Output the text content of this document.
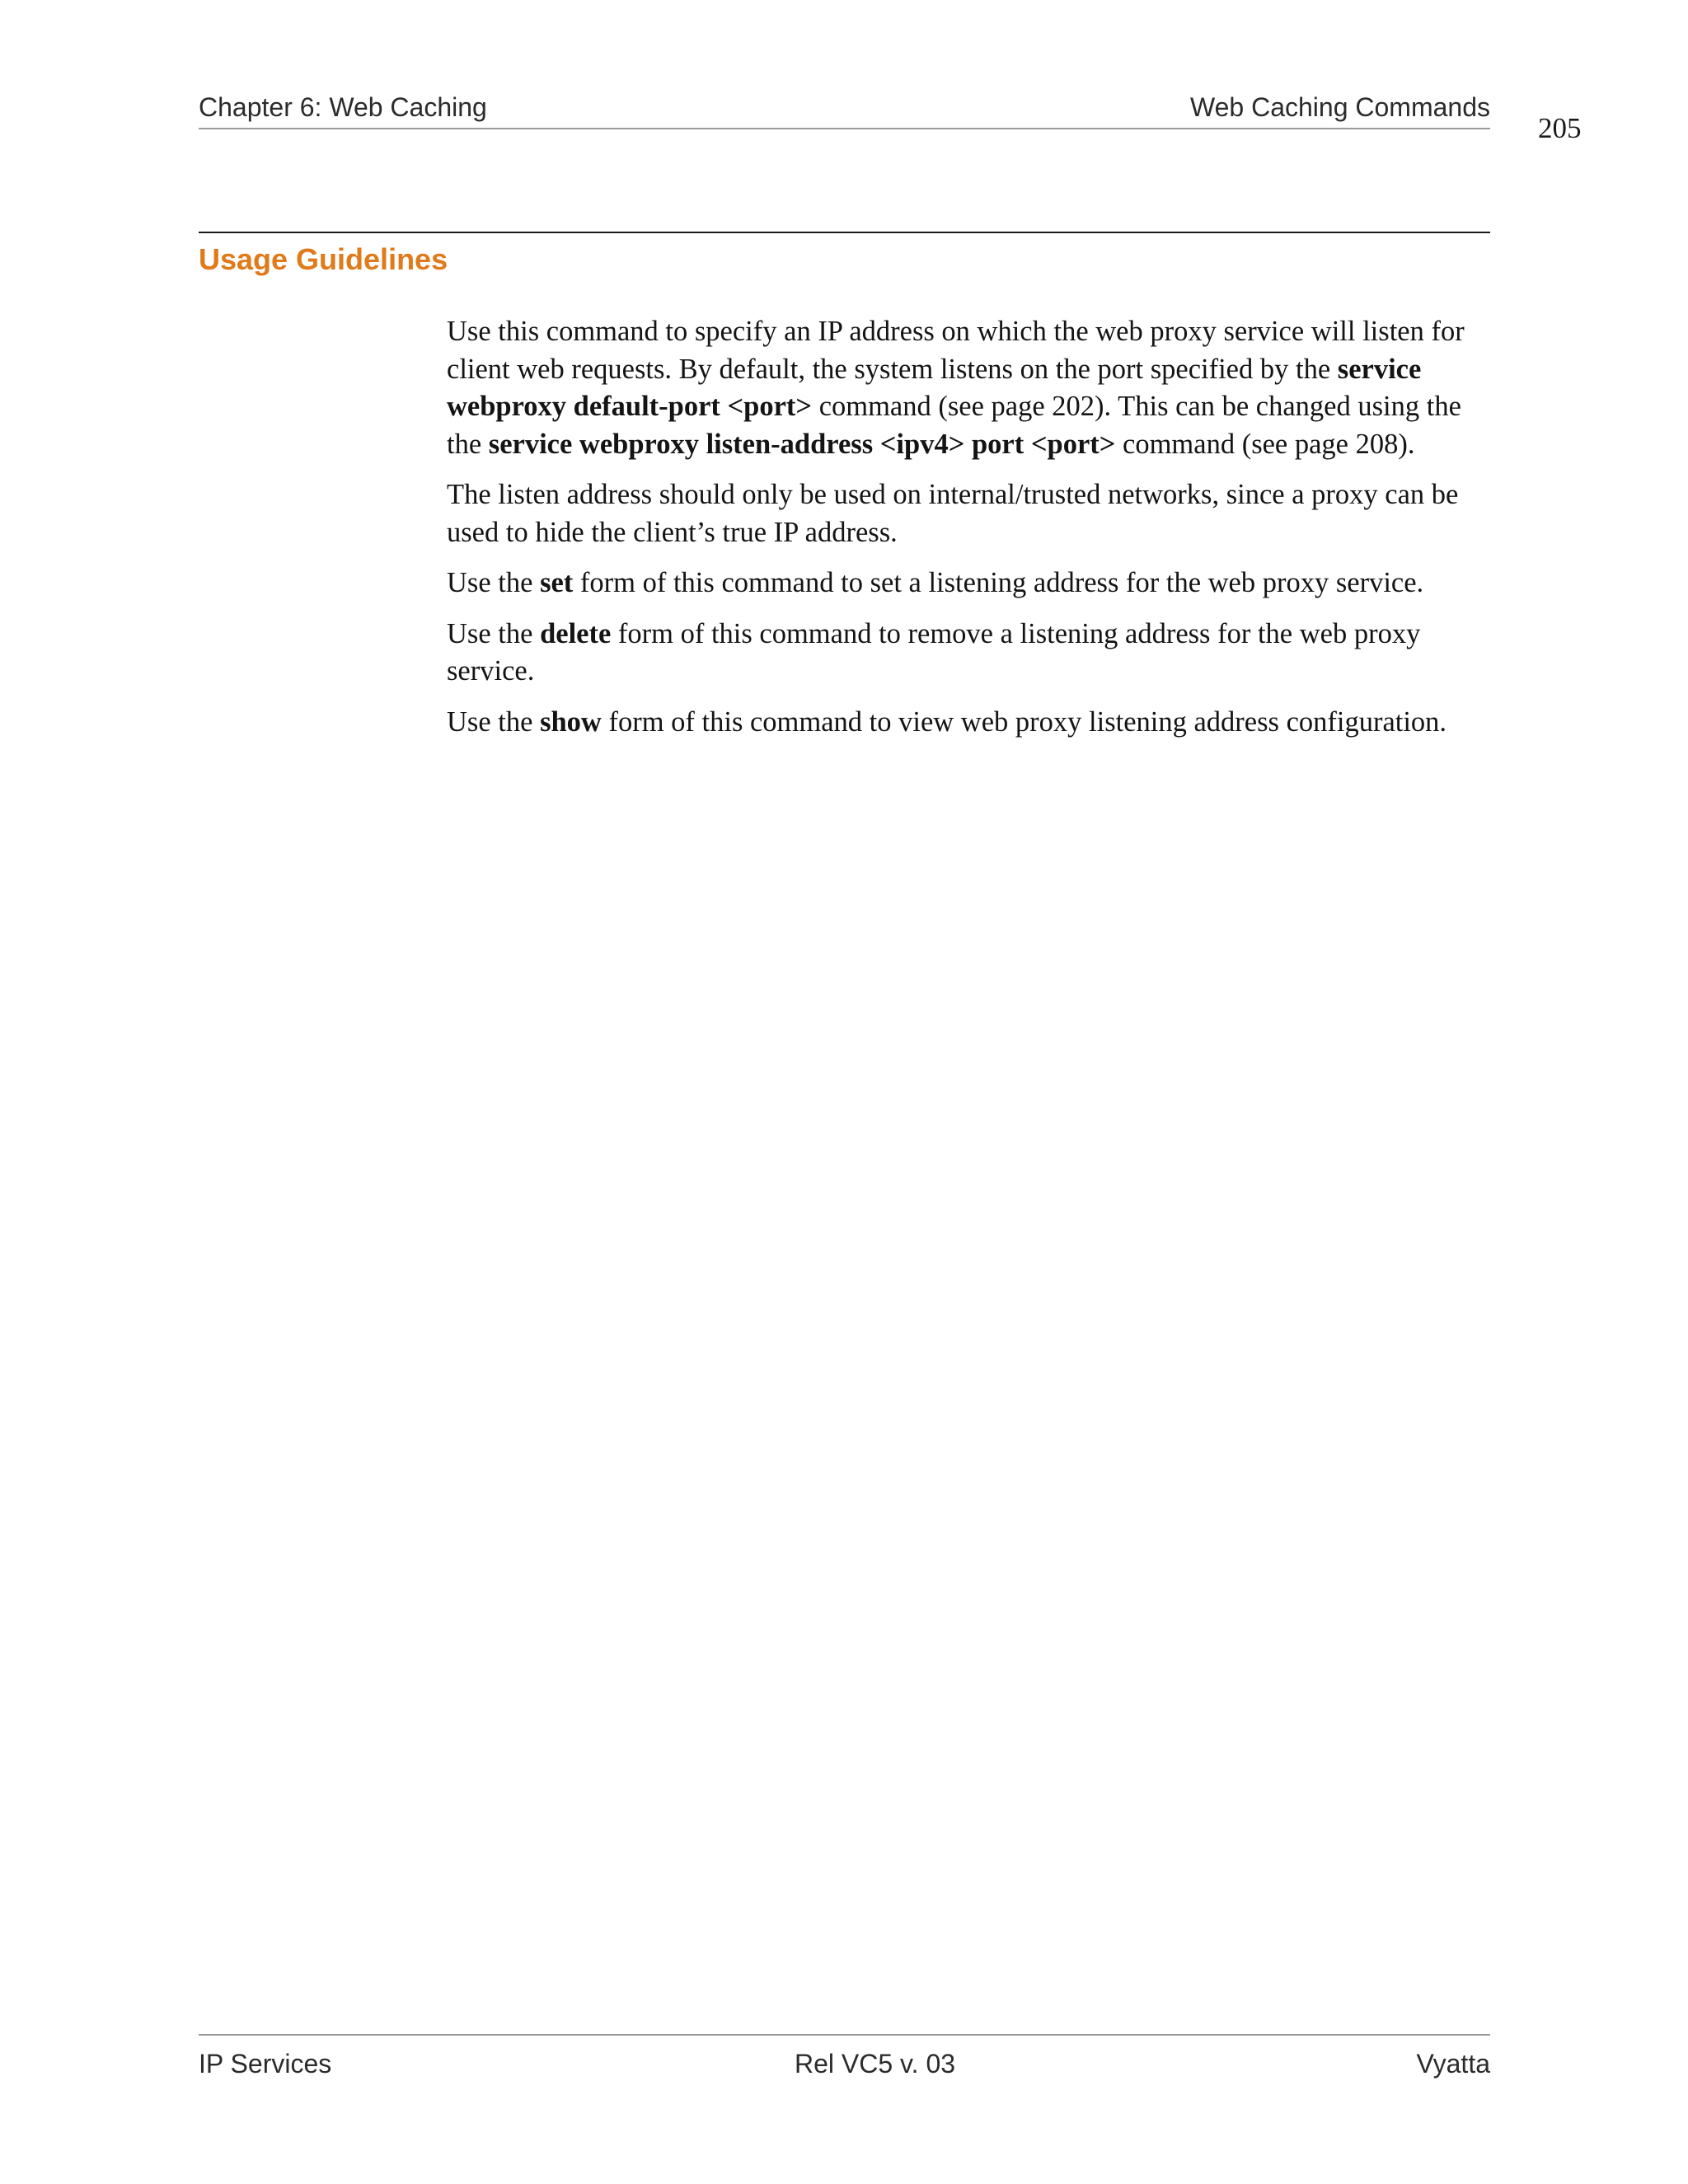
Chapter 6: Web Caching	Web Caching Commands
205
Usage Guidelines

Use this command to specify an IP address on which the web proxy service will listen for client web requests. By default, the system listens on the port specified by the service webproxy default-port <port> command (see page 202). This can be changed using the the service webproxy listen-address <ipv4> port <port> command (see page 208).

The listen address should only be used on internal/trusted networks, since a proxy can be used to hide the client’s true IP address.

Use the set form of this command to set a listening address for the web proxy service.

Use the delete form of this command to remove a listening address for the web proxy service.

Use the show form of this command to view web proxy listening address configuration.

IP Services	Rel VC5 v. 03	Vyatta
